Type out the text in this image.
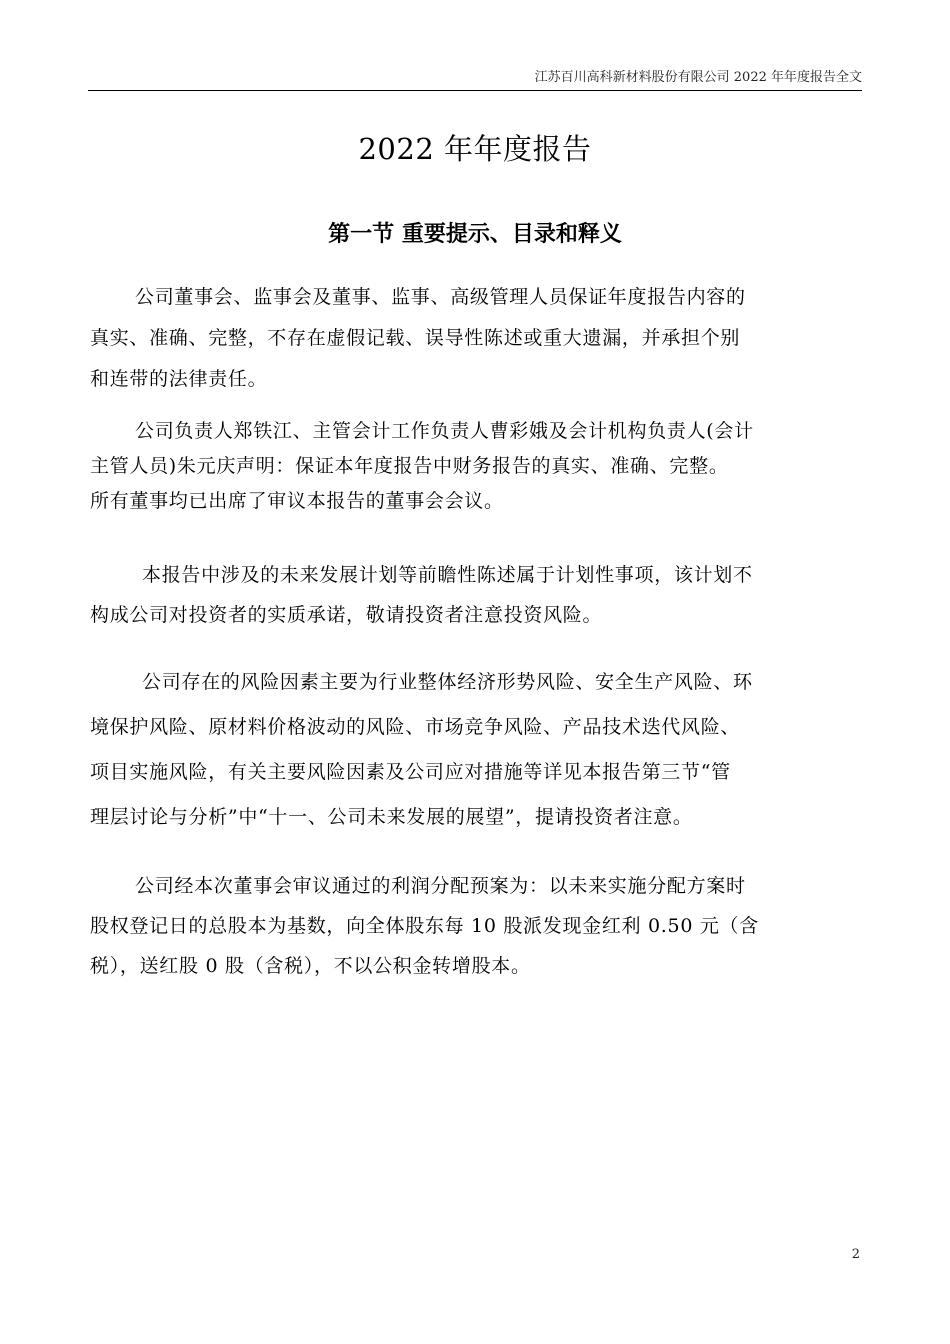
江苏百川高科新材料股份有限公司 2022 年年度报告全文
2022 年年度报告
第一节 重要提示、目录和释义

公司董事会、监事会及董事、监事、高级管理人员保证年度报告内容的
真实、准确、完整，不存在虚假记载、误导性陈述或重大遗漏，并承担个别
和连带的法律责任。

公司负责人郑铁江、主管会计工作负责人曹彩娥及会计机构负责人(会计
主管人员)朱元庆声明：保证本年度报告中财务报告的真实、准确、完整。
所有董事均已出席了审议本报告的董事会会议。

本报告中涉及的未来发展计划等前瞻性陈述属于计划性事项，该计划不
构成公司对投资者的实质承诺，敬请投资者注意投资风险。

公司存在的风险因素主要为行业整体经济形势风险、安全生产风险、环
境保护风险、原材料价格波动的风险、市场竞争风险、产品技术迭代风险、
项目实施风险，有关主要风险因素及公司应对措施等详见本报告第三节“管
理层讨论与分析”中“十一、公司未来发展的展望”，提请投资者注意。

公司经本次董事会审议通过的利润分配预案为：以未来实施分配方案时
股权登记日的总股本为基数，向全体股东每 10 股派发现金红利 0.50 元（含
税），送红股 0 股（含税），不以公积金转增股本。

2
